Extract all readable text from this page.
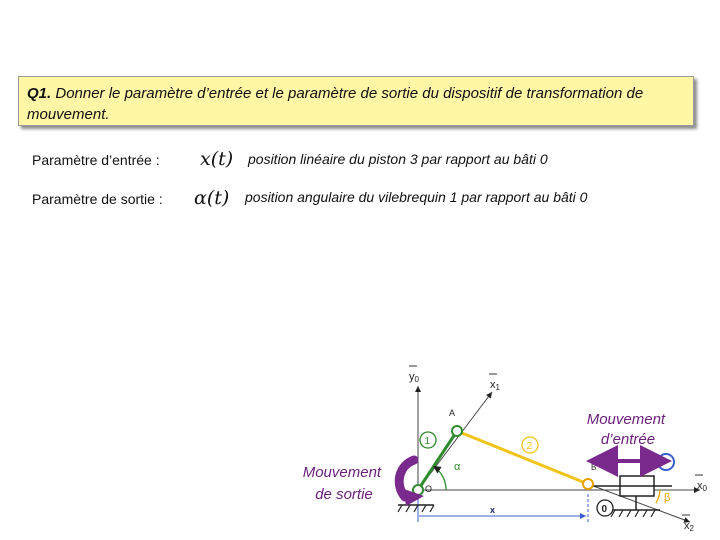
Q1. Donner le paramètre d’entrée et le paramètre de sortie du dispositif de transformation de mouvement.
Paramètre d’entrée : x(t) position linéaire du piston 3 par rapport au bâti 0
Paramètre de sortie : α(t) position angulaire du vilebrequin 1 par rapport au bâti 0
y0	x1
x0
x2
x
α
β
A
O
B
1	2
0
Mouvement d’entrée
Mouvement de sortie
